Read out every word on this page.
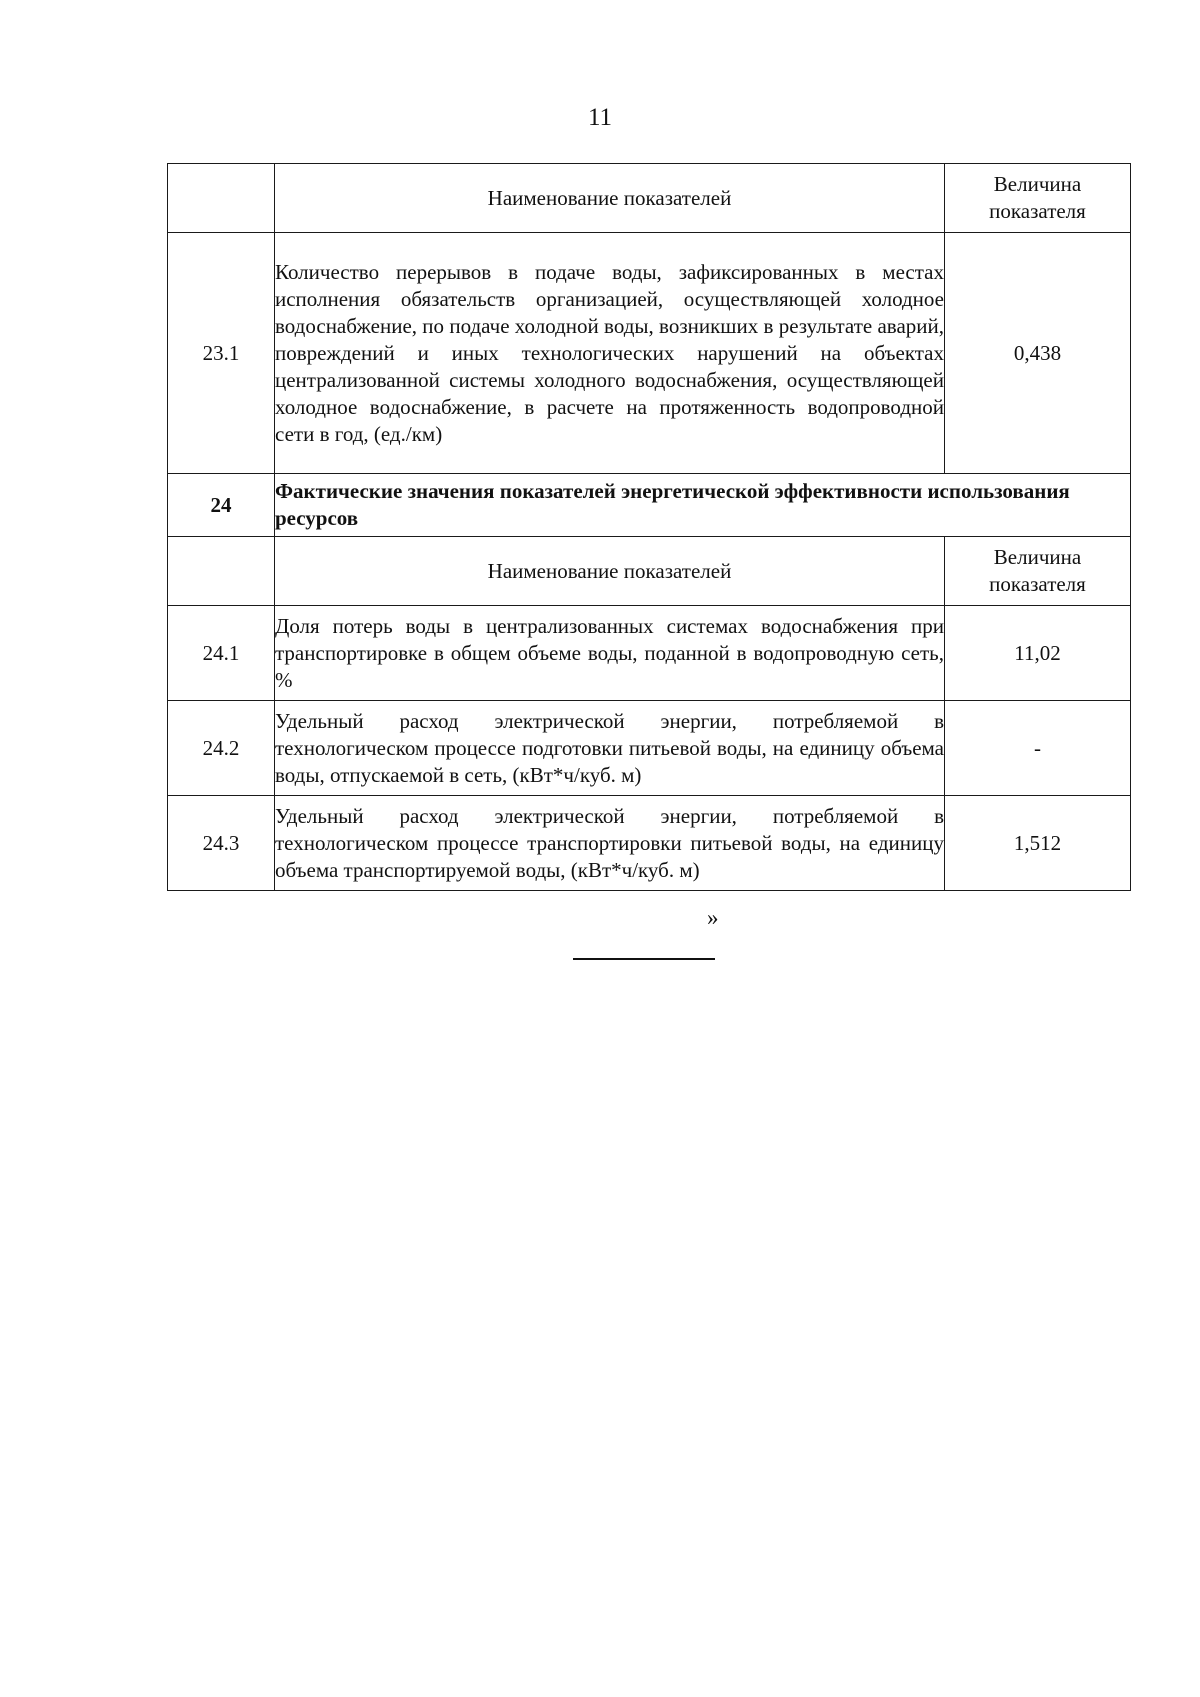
11
	Наименование показателей	Величина показателя
23.1	Количество перерывов в подаче воды, зафиксированных в местах исполнения обязательств организацией, осуществляющей холодное водоснабжение, по подаче холодной воды, возникших в результате аварий, повреждений и иных технологических нарушений на объектах централизованной системы холодного водоснабжения, осуществляющей холодное водоснабжение, в расчете на протяженность водопроводной сети в год, (ед./км)	0,438
24	Фактические значения показателей энергетической эффективности использования ресурсов	
	Наименование показателей	Величина показателя
24.1	Доля потерь воды в централизованных системах водоснабжения при транспортировке в общем объеме воды, поданной в водопроводную сеть, %	11,02
24.2	Удельный расход электрической энергии, потребляемой в технологическом процессе подготовки питьевой воды, на единицу объема воды, отпускаемой в сеть, (кВт*ч/куб. м)	-
24.3	Удельный расход электрической энергии, потребляемой в технологическом процессе транспортировки питьевой воды, на единицу объема транспортируемой воды, (кВт*ч/куб. м)	1,512
»
